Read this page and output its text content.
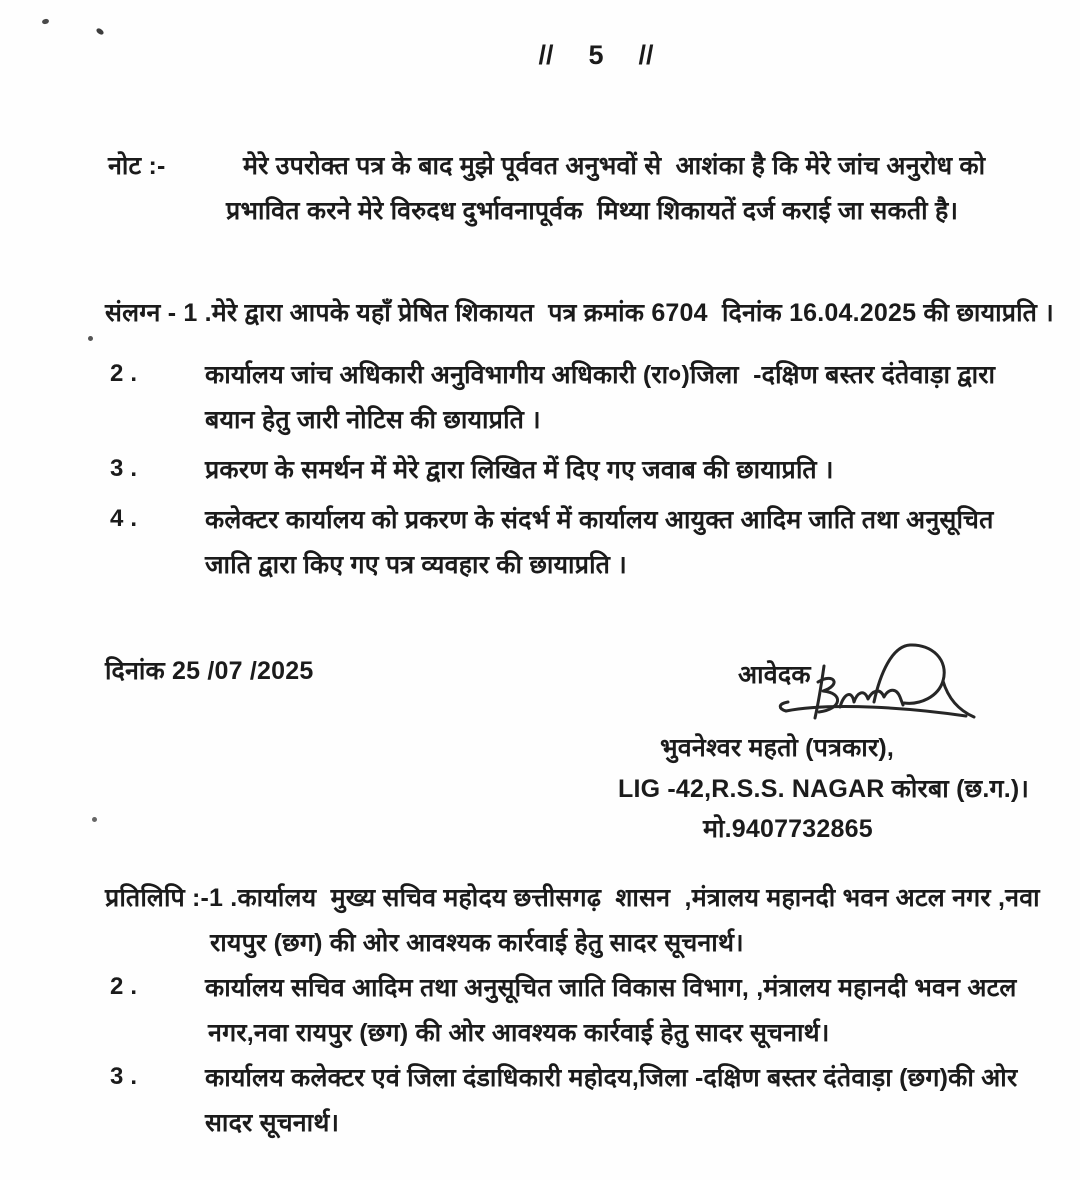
//  5  //
नोट :-	मेरे उपरोक्त पत्र के बाद मुझे पूर्ववत अनुभवों से  आशंका है कि मेरे जांच अनुरोध को
प्रभावित करने मेरे विरुदध दुर्भावनापूर्वक  मिथ्या शिकायतें दर्ज कराई जा सकती है।
संलग्न - 1 . मेरे द्वारा आपके यहाँ प्रेषित शिकायत  पत्र क्रमांक 6704  दिनांक 16.04.2025 की छायाप्रति ।
2 .	कार्यालय जांच अधिकारी अनुविभागीय अधिकारी (रा०)जिला  -दक्षिण बस्तर दंतेवाड़ा द्वारा
बयान हेतु जारी नोटिस की छायाप्रति ।
3 .	प्रकरण के समर्थन में मेरे द्वारा लिखित में दिए गए जवाब की छायाप्रति ।
4 .	कलेक्टर कार्यालय को प्रकरण के संदर्भ में कार्यालय आयुक्त आदिम जाति तथा अनुसूचित
जाति द्वारा किए गए पत्र व्यवहार की छायाप्रति ।
दिनांक 25 /07 /2025	आवेदक
भुवनेश्वर महतो (पत्रकार),
LIG -42,R.S.S. NAGAR कोरबा (छ.ग.)।
मो.9407732865
प्रतिलिपि :-1 . कार्यालय  मुख्य सचिव महोदय छत्तीसगढ़  शासन  ,मंत्रालय महानदी भवन अटल नगर ,नवा
रायपुर (छग) की ओर आवश्यक कार्रवाई हेतु सादर सूचनार्थ।
2 .	कार्यालय सचिव आदिम तथा अनुसूचित जाति विकास विभाग, ,मंत्रालय महानदी भवन अटल
नगर,नवा रायपुर (छग) की ओर आवश्यक कार्रवाई हेतु सादर सूचनार्थ।
3 .	कार्यालय कलेक्टर एवं जिला दंडाधिकारी महोदय,जिला -दक्षिण बस्तर दंतेवाड़ा (छग)की ओर
सादर सूचनार्थ।
